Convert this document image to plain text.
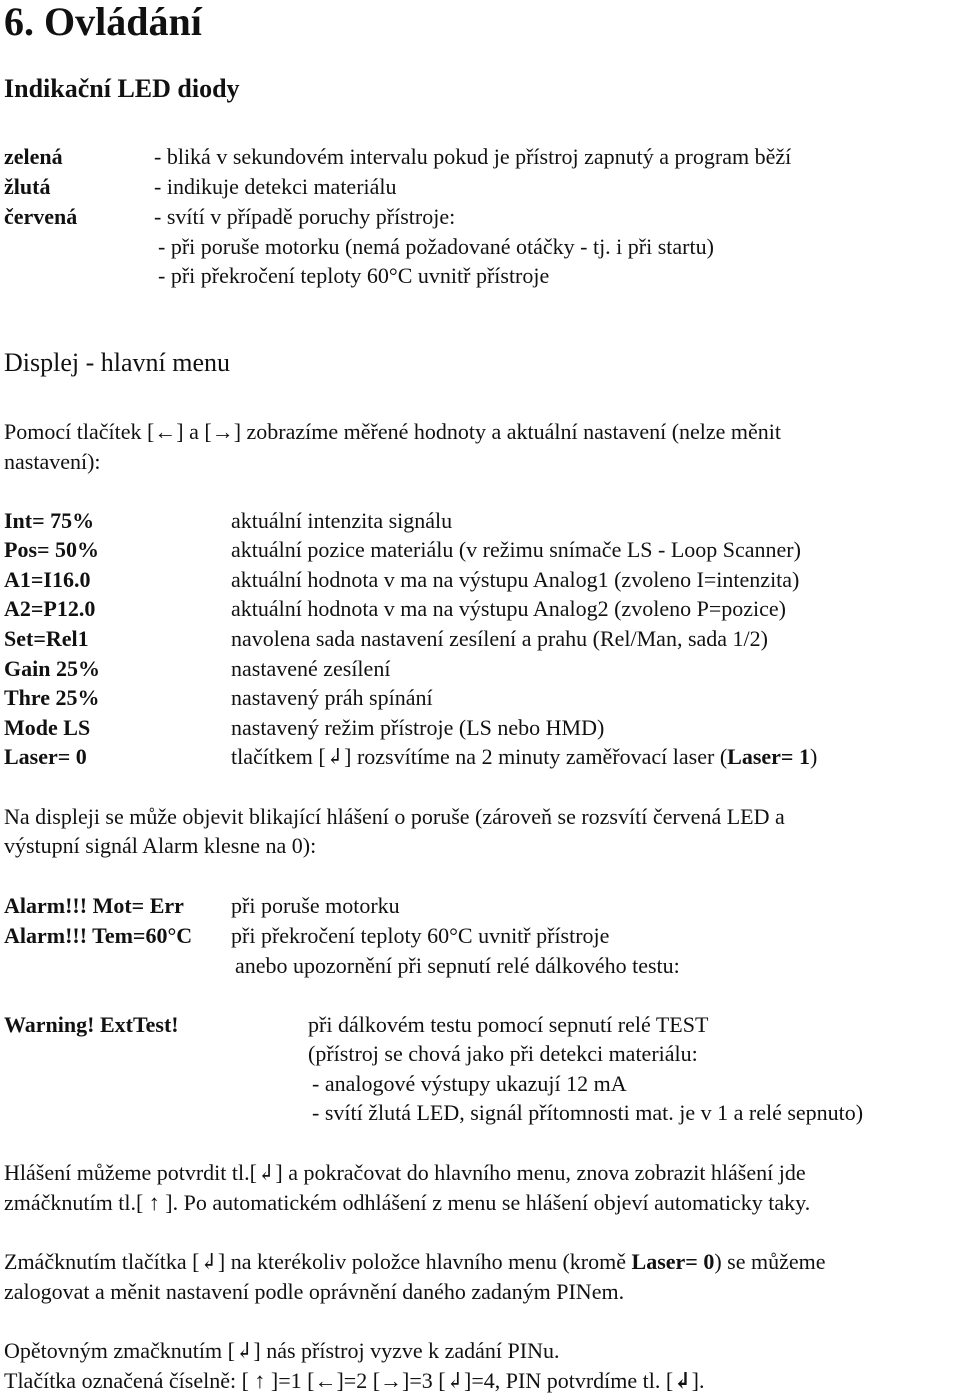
6. Ovládání
Indikační LED diody
zelená	- bliká v sekundovém intervalu pokud je přístroj zapnutý a program běží
žlutá	- indikuje detekci materiálu
červená	- svítí v případě poruchy přístroje:
- při poruše motorku (nemá požadované otáčky - tj. i při startu)
- při překročení teploty 60°C uvnitř přístroje
Displej - hlavní menu
Pomocí tlačítek [←] a [→] zobrazíme měřené hodnoty a aktuální nastavení (nelze měnit
nastavení):
Int= 75%	aktuální intenzita signálu
Pos= 50%	aktuální pozice materiálu (v režimu snímače LS - Loop Scanner)
A1=I16.0	aktuální hodnota v ma na výstupu Analog1 (zvoleno I=intenzita)
A2=P12.0	aktuální hodnota v ma na výstupu Analog2 (zvoleno P=pozice)
Set=Rel1	navolena sada nastavení zesílení a prahu (Rel/Man, sada 1/2)
Gain 25%	nastavené zesílení
Thre 25%	nastavený práh spínání
Mode LS	nastavený režim přístroje (LS nebo HMD)
Laser= 0	tlačítkem [↲] rozsvítíme na 2 minuty zaměřovací laser (Laser= 1)
Na displeji se může objevit blikající hlášení o poruše (zároveň se rozsvítí červená LED a
výstupní signál Alarm klesne na 0):
Alarm!!! Mot= Err při poruše motorku
Alarm!!! Tem=60°C při překročení teploty 60°C uvnitř přístroje
anebo upozornění při sepnutí relé dálkového testu:
Warning! ExtTest!	při dálkovém testu pomocí sepnutí relé TEST
(přístroj se chová jako při detekci materiálu:
- analogové výstupy ukazují 12 mA
- svítí žlutá LED, signál přítomnosti mat. je v 1 a relé sepnuto)
Hlášení můžeme potvrdit tl.[↲] a pokračovat do hlavního menu, znova zobrazit hlášení jde
zmáčknutím tl.[ ↑ ]. Po automatickém odhlášení z menu se hlášení objeví automaticky taky.
Zmáčknutím tlačítka [↲] na kterékoliv položce hlavního menu (kromě Laser= 0) se můžeme
zalogovat a měnit nastavení podle oprávnění daného zadaným PINem.
Opětovným zmačknutím [↲] nás přístroj vyzve k zadání PINu.
Tlačítka označená číselně: [ ↑ ]=1 [←]=2 [→]=3 [↲]=4, PIN potvrdíme tl. [↲].
